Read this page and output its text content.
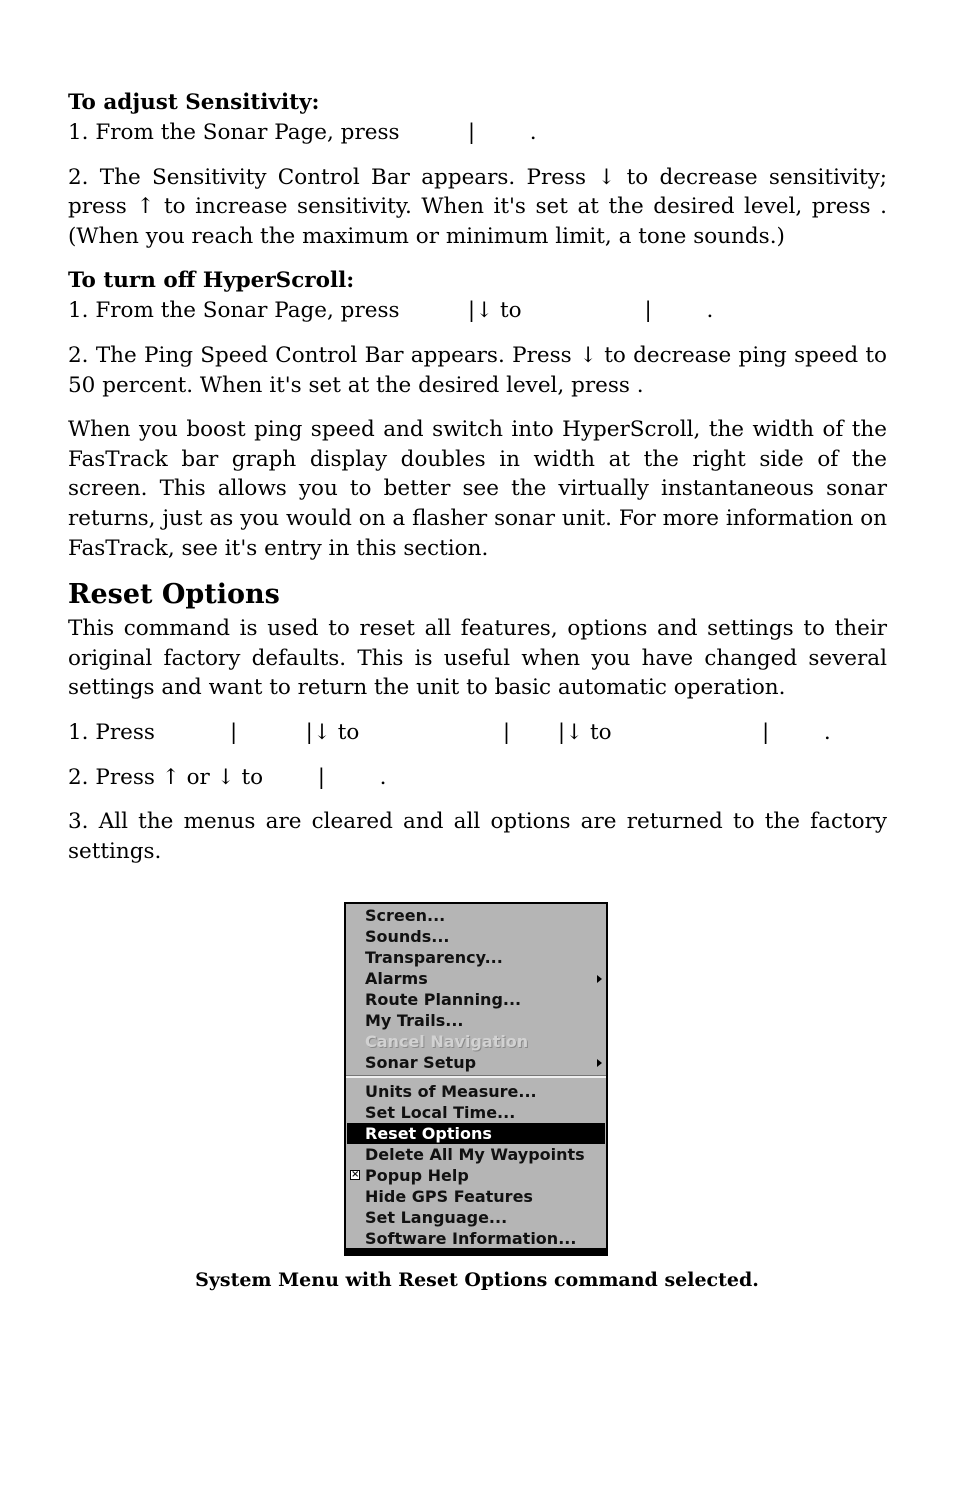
To adjust Sensitivity:

1. From the Sonar Page, press          |        .

2. The Sensitivity Control Bar appears. Press ↓ to decrease sensitivity; press ↑ to increase sensitivity. When it's set at the desired level, press . (When you reach the maximum or minimum limit, a tone sounds.)

To turn off HyperScroll:

1. From the Sonar Page, press          |↓ to                  |        .

2. The Ping Speed Control Bar appears. Press ↓ to decrease ping speed to 50 percent. When it's set at the desired level, press .

When you boost ping speed and switch into HyperScroll, the width of the FasTrack bar graph display doubles in width at the right side of the screen. This allows you to better see the virtually instantaneous sonar returns, just as you would on a flasher sonar unit. For more information on FasTrack, see it's entry in this section.

Reset Options

This command is used to reset all features, options and settings to their original factory defaults. This is useful when you have changed several settings and want to return the unit to basic automatic operation.

1. Press           |          |↓ to                     |       |↓ to                      |        .

2. Press ↑ or ↓ to        |        .

3. All the menus are cleared and all options are returned to the factory settings.

Screen...
Sounds...
Transparency...
Alarms
Route Planning...
My Trails...
Cancel Navigation
Sonar Setup
Units of Measure...
Set Local Time...
Reset Options
Delete All My Waypoints
× Popup Help
Hide GPS Features
Set Language...
Software Information...
System Menu with Reset Options command selected.
